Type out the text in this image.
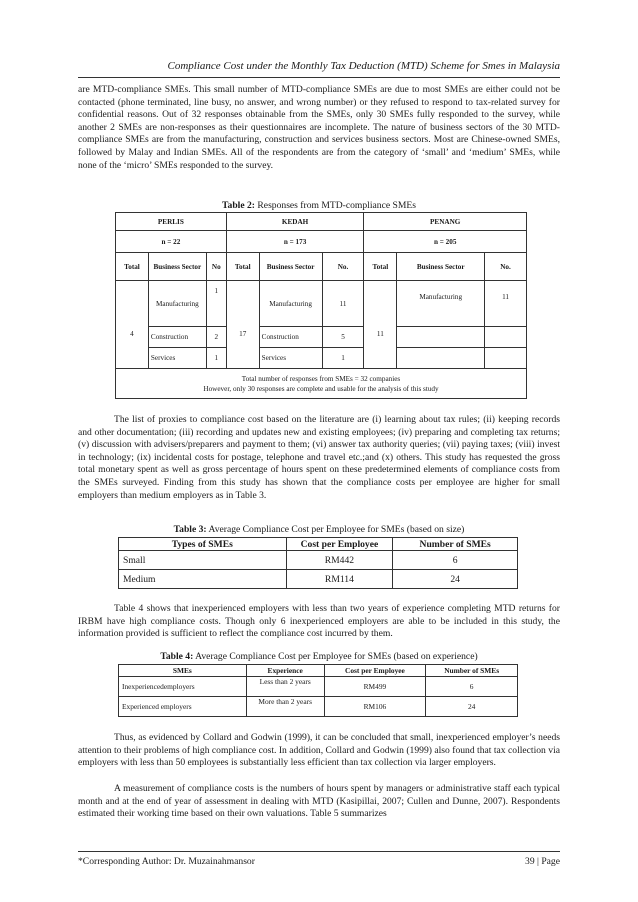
Compliance Cost under the Monthly Tax Deduction (MTD) Scheme for Smes in Malaysia

are MTD-compliance SMEs. This small number of MTD-compliance SMEs are due to most SMEs are either could not be contacted (phone terminated, line busy, no answer, and wrong number) or they refused to respond to tax-related survey for confidential reasons. Out of 32 responses obtainable from the SMEs, only 30 SMEs fully responded to the survey, while another 2 SMEs are non-responses as their questionnaires are incomplete. The nature of business sectors of the 30 MTD-compliance SMEs are from the manufacturing, construction and services business sectors. Most are Chinese-owned SMEs, followed by Malay and Indian SMEs. All of the respondents are from the category of ‘small’ and ‘medium’ SMEs, while none of the ‘micro’ SMEs responded to the survey.

Table 2: Responses from MTD-compliance SMEs
PERLIS			KEDAH			PENANG		
n = 22			n = 173			n = 205		
Total	Business Sector	No	Total	Business Sector	No.	Total	Business Sector	No.
4	Manufacturing	1	17	Manufacturing	11	11	Manufacturing	11
	Construction	2		Construction	5			
	Services	1		Services	1			

Total number of responses from SMEs = 32 companies
However, only 30 responses are complete and usable for the analysis of this study								

The list of proxies to compliance cost based on the literature are (i) learning about tax rules; (ii) keeping records and other documentation; (iii) recording and updates new and existing employees; (iv) preparing and completing tax returns; (v) discussion with advisers/preparers and payment to them; (vi) answer tax authority queries; (vii) paying taxes; (viii) invest in technology; (ix) incidental costs for postage, telephone and travel etc.;and (x) others. This study has requested the gross total monetary spent as well as gross percentage of hours spent on these predetermined elements of compliance costs from the SMEs surveyed. Finding from this study has shown that the compliance costs per employee are higher for small employers than medium employers as in Table 3.

Table 3: Average Compliance Cost per Employee for SMEs (based on size)
Types of SMEs	Cost per Employee	Number of SMEs
Small	RM442	6
Medium	RM114	24

Table 4 shows that inexperienced employers with less than two years of experience completing MTD returns for IRBM have high compliance costs. Though only 6 inexperienced employers are able to be included in this study, the information provided is sufficient to reflect the compliance cost incurred by them.

Table 4: Average Compliance Cost per Employee for SMEs (based on experience)
SMEs	Experience	Cost per Employee	Number of SMEs
Inexperiencedemployers	Less than 2 years	RM499	6
Experienced employers	More than 2 years	RM106	24

Thus, as evidenced by Collard and Godwin (1999), it can be concluded that small, inexperienced employer’s needs attention to their problems of high compliance cost. In addition, Collard and Godwin (1999) also found that tax collection via employers with less than 50 employees is substantially less efficient than tax collection via larger employers.

A measurement of compliance costs is the numbers of hours spent by managers or administrative staff each typical month and at the end of year of assessment in dealing with MTD (Kasipillai, 2007; Cullen and Dunne, 2007). Respondents estimated their working time based on their own valuations. Table 5 summarizes

*Corresponding Author: Dr. Muzainahmansor	39 | Page
